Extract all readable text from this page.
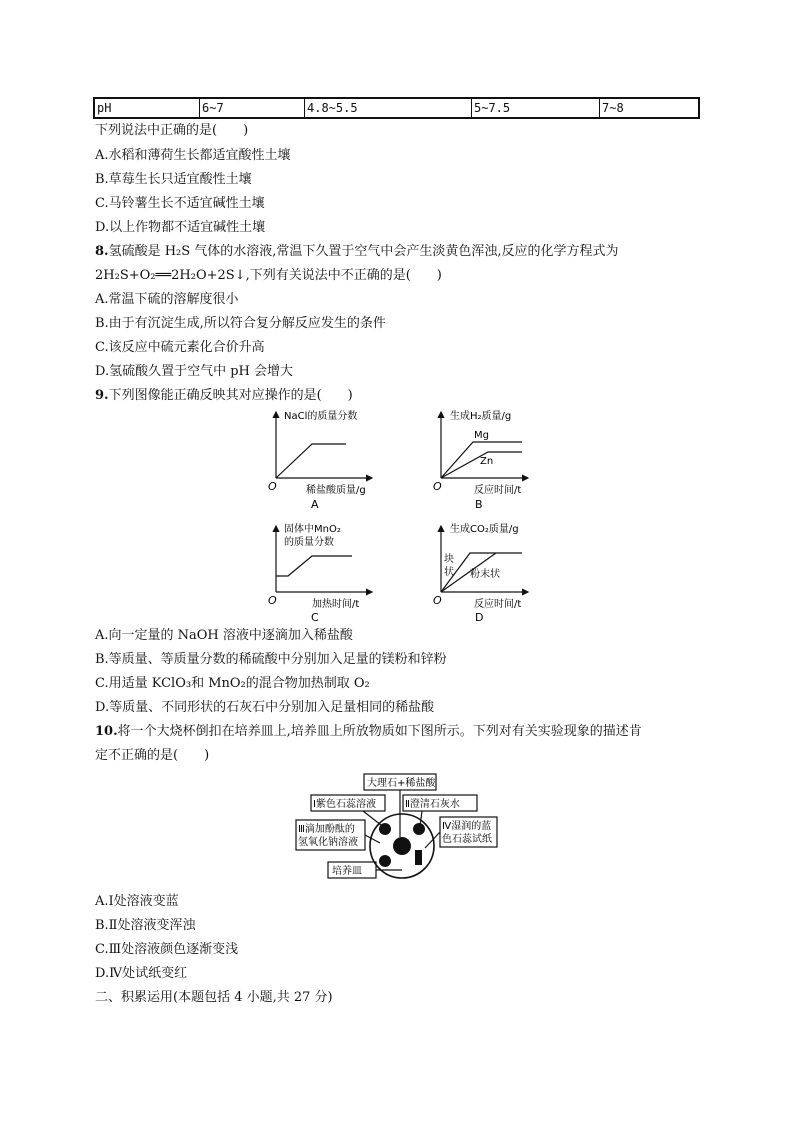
pH	6~7	4.8~5.5	5~7.5	7~8
下列说法中正确的是(　　)
A.水稻和薄荷生长都适宜酸性土壤
B.草莓生长只适宜酸性土壤
C.马铃薯生长不适宜碱性土壤
D.以上作物都不适宜碱性土壤
8.氢硫酸是 H₂S 气体的水溶液,常温下久置于空气中会产生淡黄色浑浊,反应的化学方程式为
2H₂S+O₂══2H₂O+2S↓,下列有关说法中不正确的是(　　)
A.常温下硫的溶解度很小
B.由于有沉淀生成,所以符合复分解反应发生的条件
C.该反应中硫元素化合价升高
D.氢硫酸久置于空气中 pH 会增大
9.下列图像能正确反映其对应操作的是(　　)
NaCl的质量分数
O	稀盐酸质量/g
A
生成H₂质量/g
Mg
Zn
O	反应时间/t
B
固体中MnO₂
的质量分数
O	加热时间/t
C
生成CO₂质量/g
块
状 粉末状
O	反应时间/t
D
A.向一定量的 NaOH 溶液中逐滴加入稀盐酸
B.等质量、等质量分数的稀硫酸中分别加入足量的镁粉和锌粉
C.用适量 KClO₃和 MnO₂的混合物加热制取 O₂
D.等质量、不同形状的石灰石中分别加入足量相同的稀盐酸
10.将一个大烧杯倒扣在培养皿上,培养皿上所放物质如下图所示。下列对有关实验现象的描述肯
定不正确的是(　　)
大理石+稀盐酸
Ⅰ紫色石蕊溶液	Ⅱ澄清石灰水
Ⅲ滴加酚酞的
氢氧化钠溶液
Ⅳ湿润的蓝
色石蕊试纸
培养皿
A.Ⅰ处溶液变蓝
B.Ⅱ处溶液变浑浊
C.Ⅲ处溶液颜色逐渐变浅
D.Ⅳ处试纸变红
二、积累运用(本题包括 4 小题,共 27 分)
